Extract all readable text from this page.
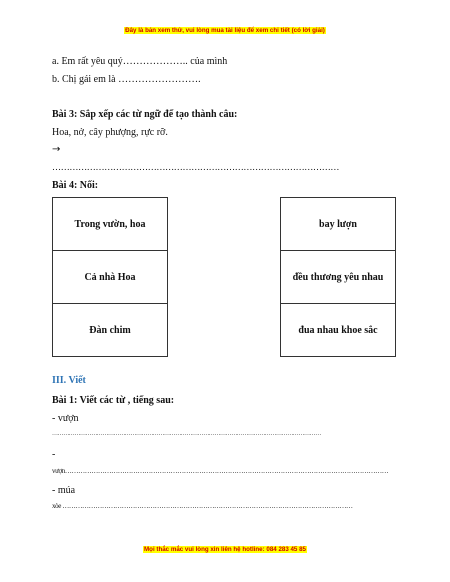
Đây là bản xem thử, vui lòng mua tài liệu để xem chi tiết (có lời giải)
a. Em rất yêu quý……………….. của mình
b. Chị gái em là …………………….
Bài 3: Sắp xếp các từ ngữ để tạo thành câu:
Hoa, nở, cây phượng, rực rỡ.
→
………………………………………………………………………………………
Bài 4: Nối:
Trong vườn, hoa
Cả nhà Hoa
Đàn chim
bay lượn
đều thương yêu nhau
đua nhau khoe sắc
III. Viết
Bài 1: Viết các từ , tiếng sau:
- vượn
………………………………………………………………………………………………………………………………
-
vượn…………………………………………………………………………………………………………………………………
- múa
xòe ……………………………………………………………………………………………………………………
Mọi thắc mắc vui lòng xin liên hệ hotline: 084 283 45 85
